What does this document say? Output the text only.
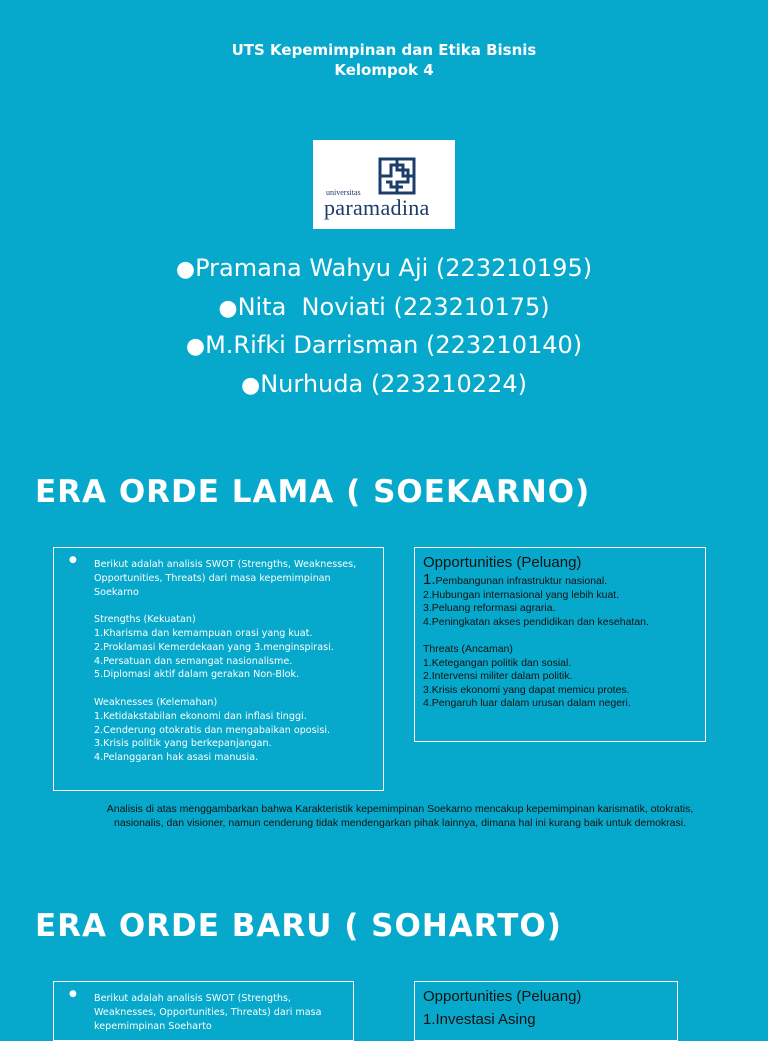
UTS Kepemimpinan dan Etika Bisnis
Kelompok 4
universitas
paramadina
●Pramana Wahyu Aji (223210195)
●Nita  Noviati (223210175)
●M.Rifki Darrisman (223210140)
●Nurhuda (223210224)
ERA ORDE LAMA ( SOEKARNO)
● Berikut adalah analisis SWOT (Strengths, Weaknesses, Opportunities, Threats) dari masa kepemimpinan Soekarno

Strengths (Kekuatan)
1.Kharisma dan kemampuan orasi yang kuat.
2.Proklamasi Kemerdekaan yang 3.menginspirasi.
4.Persatuan dan semangat nasionalisme.
5.Diplomasi aktif dalam gerakan Non-Blok.

Weaknesses (Kelemahan)
1.Ketidakstabilan ekonomi dan inflasi tinggi.
2.Cenderung otokratis dan mengabaikan oposisi.
3.Krisis politik yang berkepanjangan.
4.Pelanggaran hak asasi manusia.
Opportunities (Peluang)
1.Pembangunan infrastruktur nasional.
2.Hubungan internasional yang lebih kuat.
3.Peluang reformasi agraria.
4.Peningkatan akses pendidikan dan kesehatan.

Threats (Ancaman)
1.Ketegangan politik dan sosial.
2.Intervensi militer dalam politik.
3.Krisis ekonomi yang dapat memicu protes.
4.Pengaruh luar dalam urusan dalam negeri.
Analisis di atas menggambarkan bahwa Karakteristik kepemimpinan Soekarno mencakup kepemimpinan karismatik, otokratis, nasionalis, dan visioner, namun cenderung tidak mendengarkan pihak lainnya, dimana hal ini kurang baik untuk demokrasi.
ERA ORDE BARU ( SOHARTO)
● Berikut adalah analisis SWOT (Strengths, Weaknesses, Opportunities, Threats) dari masa kepemimpinan Soeharto
Opportunities (Peluang)
1.Investasi Asing
